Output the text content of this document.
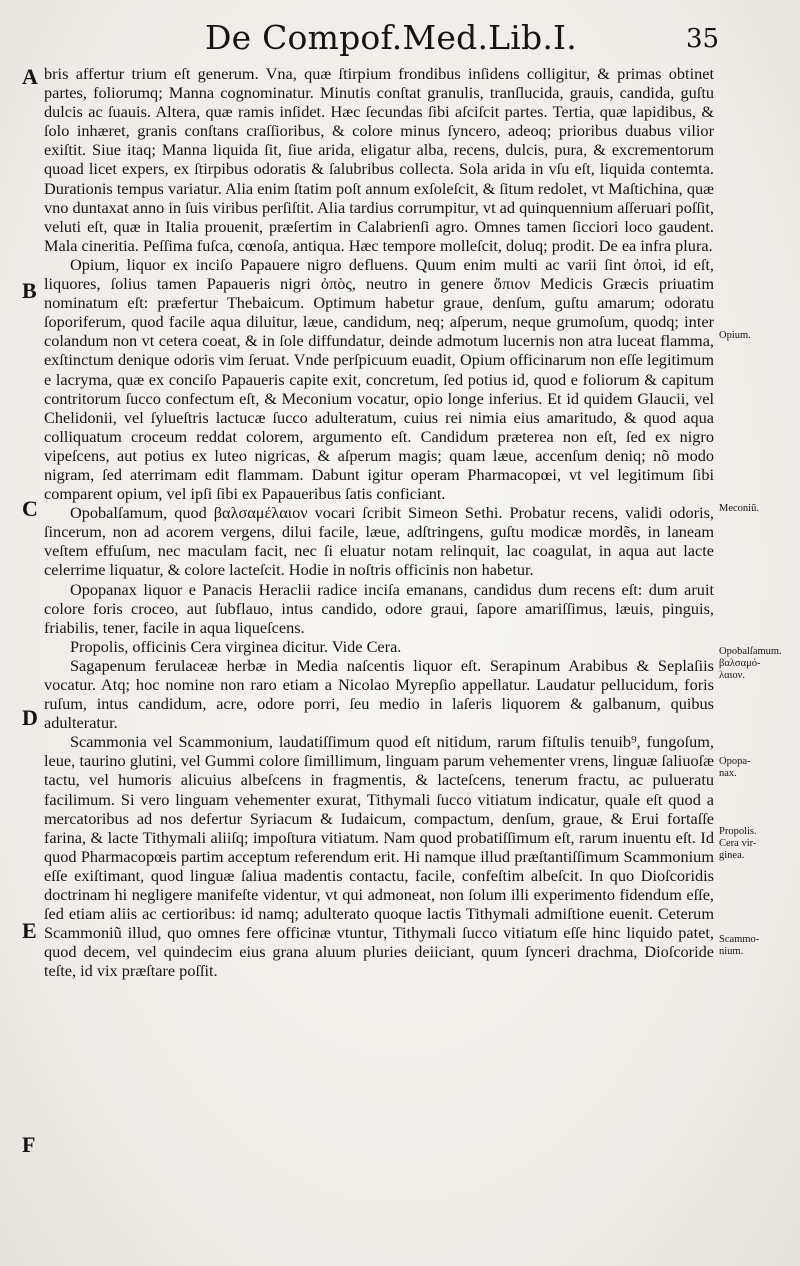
De Compof.Med.Lib.I.	35
A
B
C
D
E
F
Opium.
Meconiũ.
Opobalſamum.
βαλσαμό-
λαιον.
Opopa-
nax.
Propolis.
Cera vir-
ginea.
Scammo-
nium.

bris affertur trium eſt generum. Vna, quæ ſtirpium frondibus inſidens colligitur, & primas obtinet partes, foliorumq; Manna cognominatur. Minutis conſtat granulis, tranſlucida, grauis, candida, guſtu dulcis ac ſuauis. Altera, quæ ramis inſidet. Hæc ſecundas ſibi aſciſcit partes. Tertia, quæ lapidibus, & ſolo inhæret, granis conſtans craſſioribus, & colore minus ſyncero, adeoq; prioribus duabus vilior exiſtit. Siue itaq; Manna liquida ſit, ſiue arida, eligatur alba, recens, dulcis, pura, & excrementorum quoad licet expers, ex ſtirpibus odoratis & ſalubribus collecta. Sola arida in vſu eſt, liquida contemta. Durationis tempus variatur. Alia enim ſtatim poſt annum exſoleſcit, & ſitum redolet, vt Maſtichina, quæ vno duntaxat anno in ſuis viribus perſiſtit. Alia tardius corrumpitur, vt ad quinquennium aſſeruari poſſit, veluti eſt, quæ in Italia prouenit, præſertim in Calabrienſi agro. Omnes tamen ſicciori loco gaudent. Mala cineritia. Peſſima fuſca, cœnoſa, antiqua. Hæc tempore molleſcit, doluq; prodit. De ea infra plura.

Opium, liquor ex inciſo Papauere nigro defluens. Quum enim multi ac varii ſint ὀποὶ, id eſt, liquores, ſolius tamen Papaueris nigri ὀπὸς, neutro in genere ὄπιον Medicis Græcis priuatim nominatum eſt: præfertur Thebaicum. Optimum habetur graue, denſum, guſtu amarum; odoratu ſoporiferum, quod facile aqua diluitur, læue, candidum, neq; aſperum, neque grumoſum, quodq; inter colandum non vt cetera coeat, & in ſole diffundatur, deinde admotum lucernis non atra luceat flamma, exſtinctum denique odoris vim ſeruat. Vnde perſpicuum euadit, Opium officinarum non eſſe legitimum e lacryma, quæ ex conciſo Papaueris capite exit, concretum, ſed potius id, quod e foliorum & capitum contritorum ſucco confectum eſt, & Meconium vocatur, opio longe inferius. Et id quidem Glaucii, vel Chelidonii, vel ſylueſtris lactucæ ſucco adulteratum, cuius rei nimia eius amaritudo, & quod aqua colliquatum croceum reddat colorem, argumento eſt. Candidum præterea non eſt, ſed ex nigro viреſcens, aut potius ex luteo nigricas, & aſperum magis; quam læue, accenſum deniq; nõ modo nigram, ſed aterrimam edit flammam. Dabunt igitur operam Pharmacopœi, vt vel legitimum ſibi comparent opium, vel ipſi ſibi ex Papaueribus ſatis conficiant.

Opobalſamum, quod βαλσαμέλαιον vocari ſcribit Simeon Sethi. Probatur recens, validi odoris, ſincerum, non ad acorem vergens, dilui facile, læue, adſtringens, guſtu modicæ mordẽs, in laneam veſtem effuſum, nec maculam facit, nec ſi eluatur notam relinquit, lac coagulat, in aqua aut lacte celerrime liquatur, & colore lacteſcit. Hodie in noſtris officinis non habetur.

Opopanax liquor e Panacis Heraclii radice inciſa emanans, candidus dum recens eſt: dum aruit colore foris croceo, aut ſubflauo, intus candido, odore graui, ſapore amariſſimus, læuis, pinguis, friabilis, tener, facile in aqua liqueſcens.

Propolis, officinis Cera virginea dicitur. Vide Cera.

Sagapenum ferulaceæ herbæ in Media naſcentis liquor eſt. Serapinum Arabibus & Seplaſiis vocatur. Atq; hoc nomine non raro etiam a Nicolao Myrepſio appellatur. Laudatur pellucidum, foris ruſum, intus candidum, acre, odore porri, ſeu medio in laſeris liquorem & galbanum, quibus adulteratur.

Scammonia vel Scammonium, laudatiſſimum quod eſt nitidum, rarum fiſtulis tenuib⁹, fungoſum, leue, taurino glutini, vel Gummi colore ſimillimum, linguam parum vehementer vrens, linguæ ſaliuoſæ tactu, vel humoris alicuius albeſcens in fragmentis, & lacteſcens, tenerum fractu, ac puluerаtu facilimum. Si vero linguam vehementer exurat, Tithymali ſucco vitiatum indicatur, quale eſt quod a mercatoribus ad nos defertur Syriacum & Iudaicum, compactum, denſum, graue, & Erui fortaſſe farina, & lacte Tithymali aliiſq; impoſtura vitiatum. Nam quod probatiſſimum eſt, rarum inuentu eſt. Id quod Pharmacopœis partim acceptum referendum erit. Hi namque illud præſtantiſſimum Scammonium eſſe exiſtimant, quod linguæ ſaliua madentis contactu, facile, confeſtim albeſcit. In quo Dioſcoridis doctrinam hi negligere manifeſte videntur, vt qui admoneat, non ſolum illi experimento fidendum eſſe, ſed etiam aliis ac certioribus: id namq; adulterato quoque lactis Tithymali admiſtione euenit. Ceterum Scammoniũ illud, quo omnes fere officinæ vtuntur, Tithymali ſucco vitiatum eſſe hinc liquido patet, quod decem, vel quindecim eius grana aluum pluries deiiciant, quum ſynceri drachma, Dioſcoride teſte, id vix præſtare poſſit.
